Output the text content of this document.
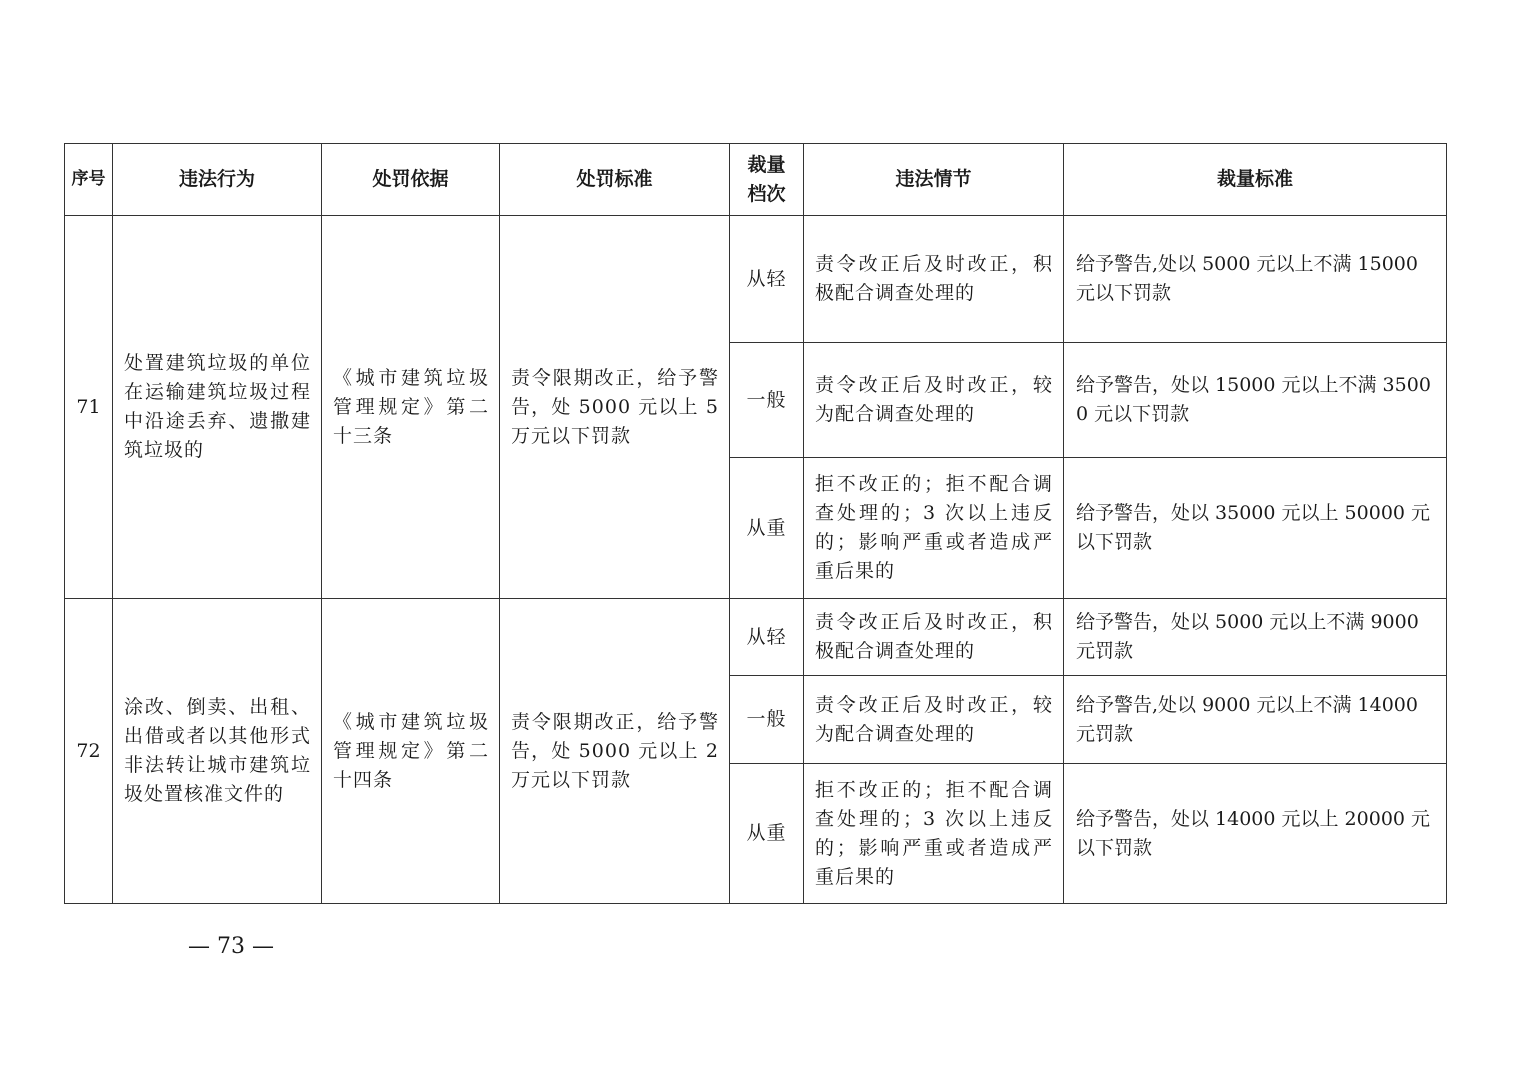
序号	违法行为	处罚依据	处罚标准	裁量档次	违法情节	裁量标准
71	处置建筑垃圾的单位在运输建筑垃圾过程中沿途丢弃、遗撒建筑垃圾的	《城市建筑垃圾管理规定》第二十三条	责令限期改正，给予警告，处 5000 元以上 5 万元以下罚款	从轻	责令改正后及时改正，积极配合调查处理的	给予警告,处以 5000 元以上不满 15000 元以下罚款
				一般	责令改正后及时改正，较为配合调查处理的	给予警告，处以 15000 元以上不满 35000 元以下罚款
				从重	拒不改正的；拒不配合调查处理的；3 次以上违反的；影响严重或者造成严重后果的	给予警告，处以 35000 元以上 50000 元以下罚款
72	涂改、倒卖、出租、出借或者以其他形式非法转让城市建筑垃圾处置核准文件的	《城市建筑垃圾管理规定》第二十四条	责令限期改正，给予警告，处 5000 元以上 2 万元以下罚款	从轻	责令改正后及时改正，积极配合调查处理的	给予警告，处以 5000 元以上不满 9000 元罚款
				一般	责令改正后及时改正，较为配合调查处理的	给予警告,处以 9000 元以上不满 14000 元罚款
				从重	拒不改正的；拒不配合调查处理的；3 次以上违反的；影响严重或者造成严重后果的	给予警告，处以 14000 元以上 20000 元以下罚款
— 73 —
